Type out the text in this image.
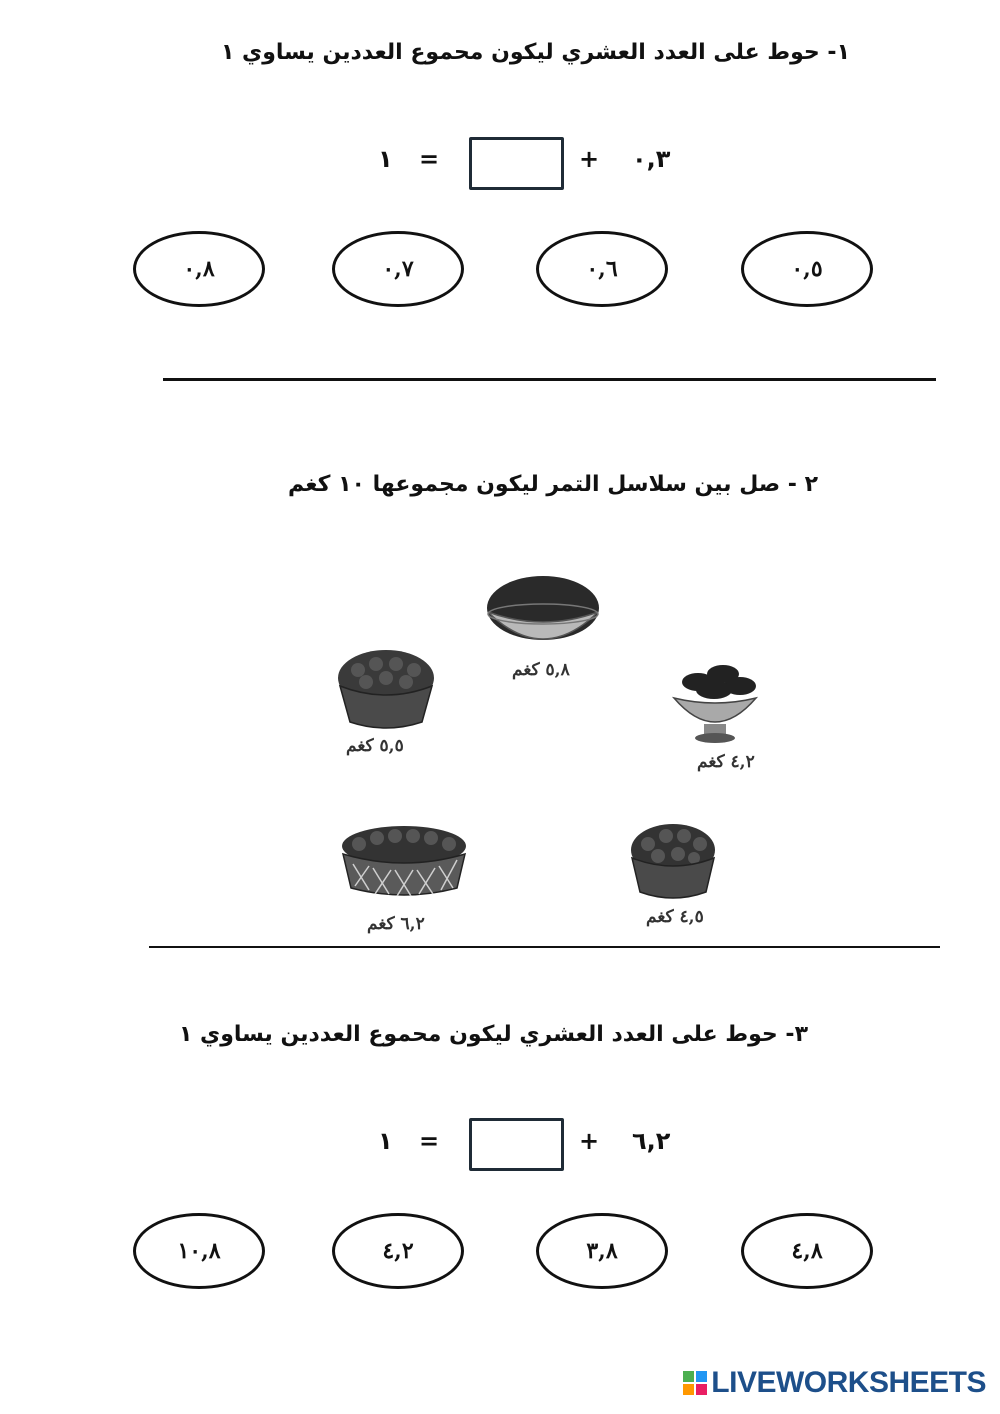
١- حوط على العدد العشري ليكون محموع العددين يساوي ١
٠,٣
+
=
١
٠,٥
٠,٦
٠,٧
٠,٨
٢ - صل بين سلاسل التمر ليكون مجموعها ١٠ كغم
٥,٨ كغم
٥,٥ كغم
٤,٢ كغم
٦,٢ كغم	٤,٥ كغم
٣- حوط على العدد العشري ليكون محموع العددين يساوي ١
٦,٢
+
=
١
٤,٨
٣,٨
٤,٢
١٠,٨
LIVEWORKSHEETS
